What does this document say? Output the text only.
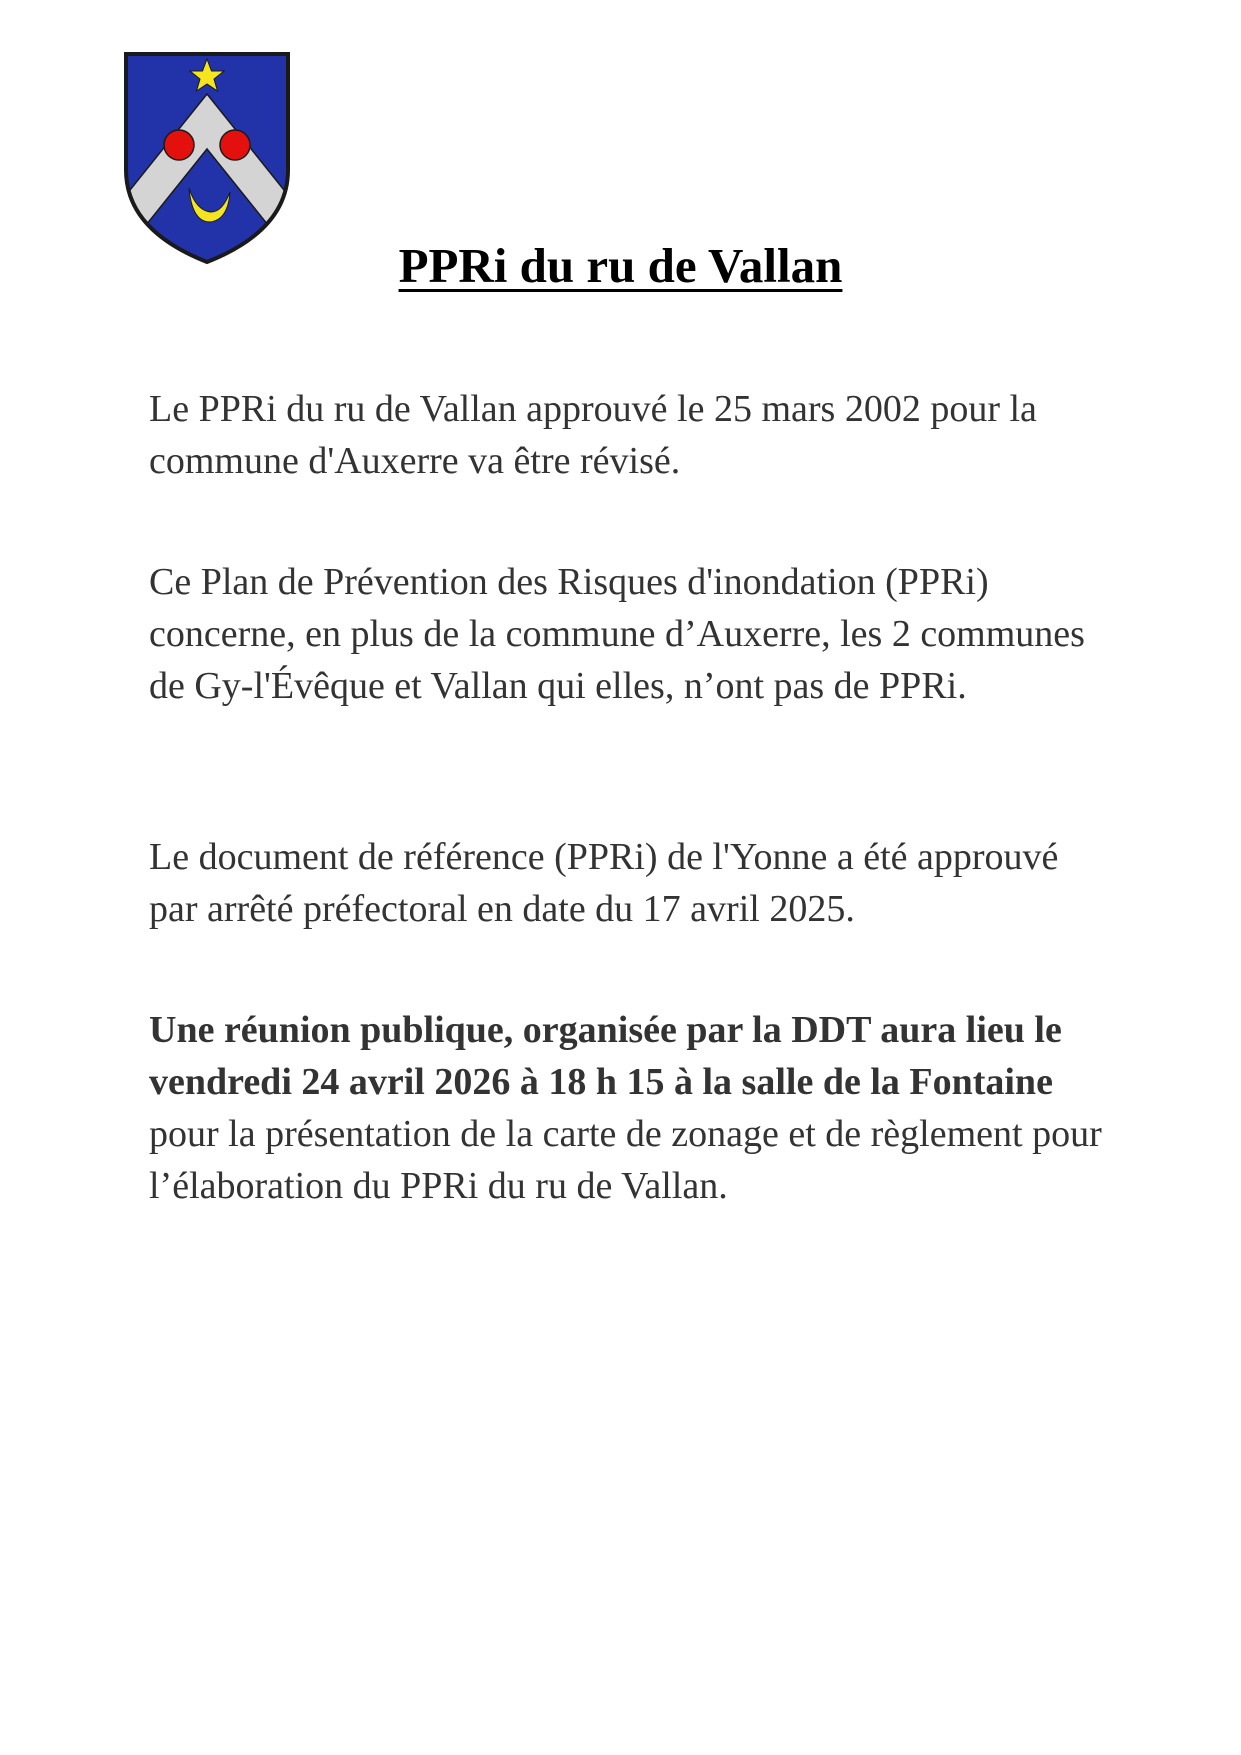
PPRi du ru de Vallan

Le PPRi du ru de Vallan approuvé le 25 mars 2002 pour la commune d'Auxerre va être révisé.

Ce Plan de Prévention des Risques d'inondation (PPRi) concerne, en plus de la commune d’Auxerre, les 2 communes de Gy-l'Évêque et Vallan qui elles, n’ont pas de PPRi.

Le document de référence (PPRi) de l'Yonne a été approuvé par arrêté préfectoral en date du 17 avril 2025.

Une réunion publique, organisée par la DDT aura lieu le vendredi 24 avril 2026 à 18 h 15 à la salle de la Fontaine pour la présentation de la carte de zonage et de règlement pour l’élaboration du PPRi du ru de Vallan.
